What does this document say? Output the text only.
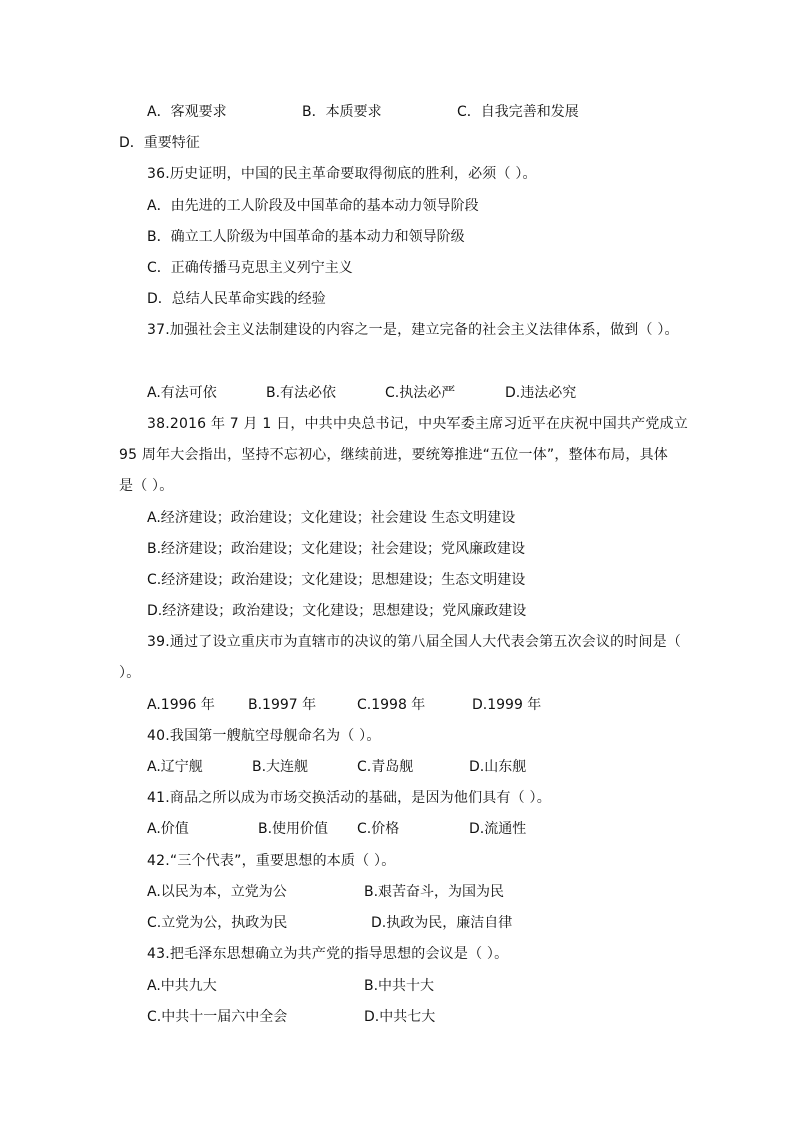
A．客观要求	B．本质要求	C．自我完善和发展
D．重要特征
36.历史证明，中国的民主革命要取得彻底的胜利，必须（ ）。
A．由先进的工人阶段及中国革命的基本动力领导阶段
B．确立工人阶级为中国革命的基本动力和领导阶级
C．正确传播马克思主义列宁主义
D．总结人民革命实践的经验
37.加强社会主义法制建设的内容之一是，建立完备的社会主义法律体系，做到（ ）。
A.有法可依	B.有法必依	C.执法必严	D.违法必究
38.2016 年 7 月 1 日，中共中央总书记，中央军委主席习近平在庆祝中国共产党成立
95 周年大会指出，坚持不忘初心，继续前进，要统筹推进“五位一体”，整体布局，具体
是（ ）。
A.经济建设；政治建设；文化建设；社会建设 生态文明建设
B.经济建设；政治建设；文化建设；社会建设；党风廉政建设
C.经济建设；政治建设；文化建设；思想建设；生态文明建设
D.经济建设；政治建设；文化建设；思想建设；党风廉政建设
39.通过了设立重庆市为直辖市的决议的第八届全国人大代表会第五次会议的时间是（
）。
A.1996 年 B.1997 年	C.1998 年	D.1999 年
40.我国第一艘航空母舰命名为（ ）。
A.辽宁舰	B.大连舰	C.青岛舰	D.山东舰
41.商品之所以成为市场交换活动的基础，是因为他们具有（ ）。
A.价值	B.使用价值 C.价格	D.流通性
42.“三个代表”，重要思想的本质（ ）。
A.以民为本，立党为公	B.艰苦奋斗，为国为民
C.立党为公，执政为民	D.执政为民，廉洁自律
43.把毛泽东思想确立为共产党的指导思想的会议是（ ）。
A.中共九大	B.中共十大
C.中共十一届六中全会	D.中共七大
